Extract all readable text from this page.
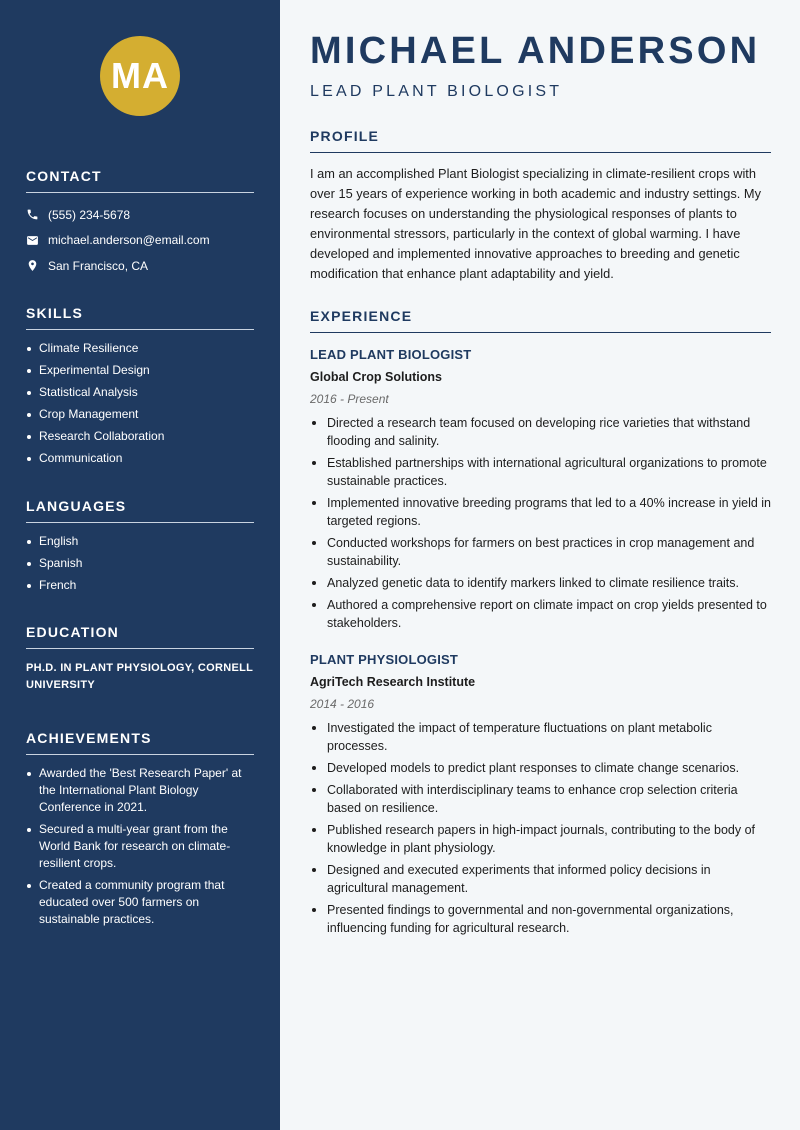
MA
CONTACT
(555) 234-5678
michael.anderson@email.com
San Francisco, CA
SKILLS
Climate Resilience
Experimental Design
Statistical Analysis
Crop Management
Research Collaboration
Communication
LANGUAGES
English
Spanish
French
EDUCATION

PH.D. IN PLANT PHYSIOLOGY, CORNELL UNIVERSITY

ACHIEVEMENTS
Awarded the 'Best Research Paper' at the International Plant Biology Conference in 2021.
Secured a multi-year grant from the World Bank for research on climate-resilient crops.
Created a community program that educated over 500 farmers on sustainable practices.
MICHAEL ANDERSON
LEAD PLANT BIOLOGIST
PROFILE

I am an accomplished Plant Biologist specializing in climate-resilient crops with over 15 years of experience working in both academic and industry settings. My research focuses on understanding the physiological responses of plants to environmental stressors, particularly in the context of global warming. I have developed and implemented innovative approaches to breeding and genetic modification that enhance plant adaptability and yield.

EXPERIENCE
LEAD PLANT BIOLOGIST
Global Crop Solutions
2016 - Present
Directed a research team focused on developing rice varieties that withstand flooding and salinity.
Established partnerships with international agricultural organizations to promote sustainable practices.
Implemented innovative breeding programs that led to a 40% increase in yield in targeted regions.
Conducted workshops for farmers on best practices in crop management and sustainability.
Analyzed genetic data to identify markers linked to climate resilience traits.
Authored a comprehensive report on climate impact on crop yields presented to stakeholders.
PLANT PHYSIOLOGIST
AgriTech Research Institute
2014 - 2016
Investigated the impact of temperature fluctuations on plant metabolic processes.
Developed models to predict plant responses to climate change scenarios.
Collaborated with interdisciplinary teams to enhance crop selection criteria based on resilience.
Published research papers in high-impact journals, contributing to the body of knowledge in plant physiology.
Designed and executed experiments that informed policy decisions in agricultural management.
Presented findings to governmental and non-governmental organizations, influencing funding for agricultural research.
